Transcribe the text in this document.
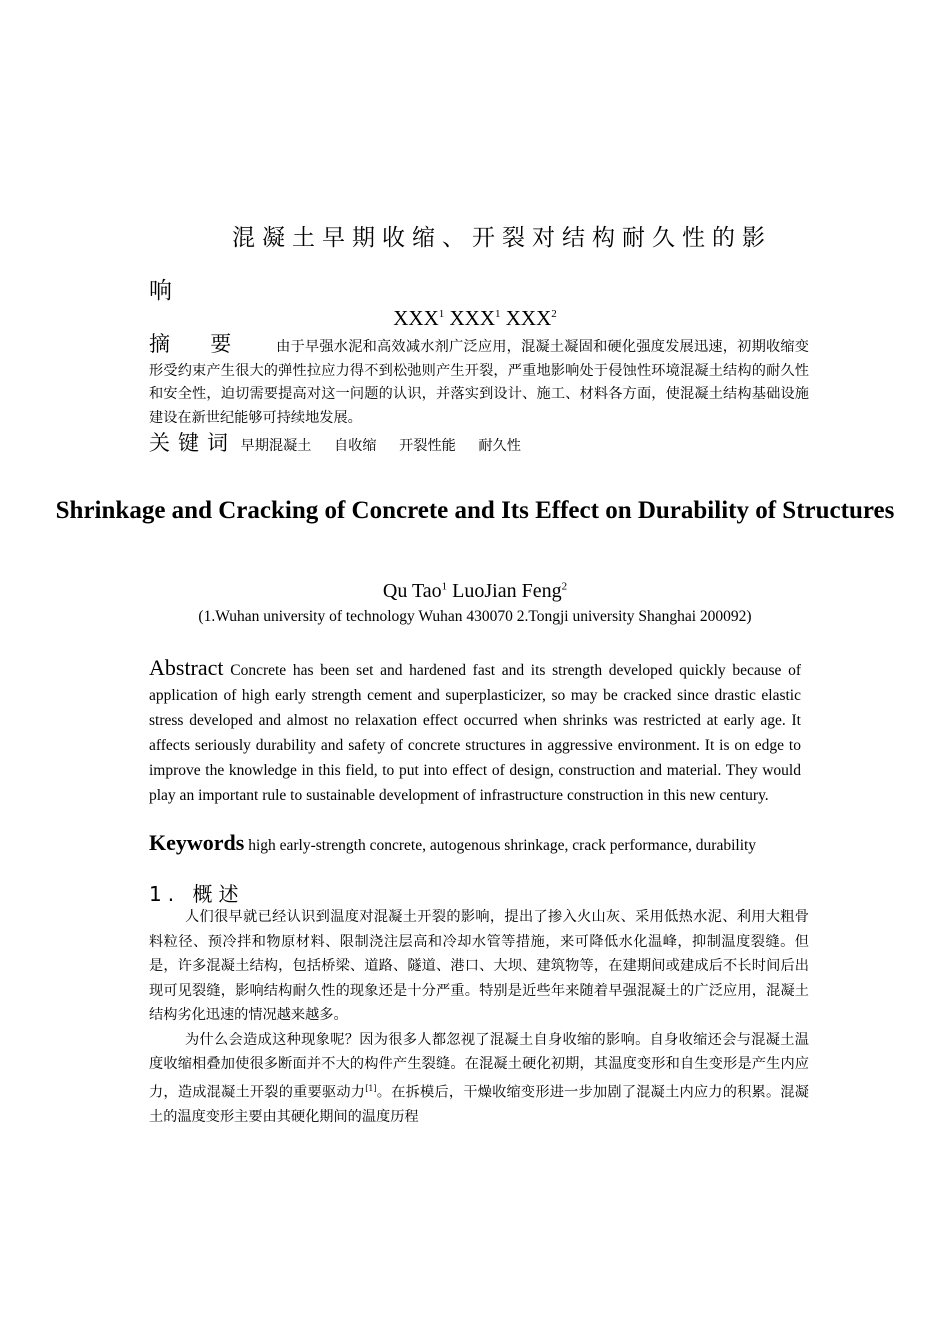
混凝土早期收缩、开裂对结构耐久性的影响
XXX$^1$ XXX$^1$ XXX$^2$
摘要 由于早强水泥和高效减水剂广泛应用，混凝土凝固和硬化强度发展迅速，初期收缩变形受约束产生很大的弹性拉应力得不到松弛则产生开裂，严重地影响处于侵蚀性环境混凝土结构的耐久性和安全性，迫切需要提高对这一问题的认识，并落实到设计、施工、材料各方面，使混凝土结构基础设施建设在新世纪能够可持续地发展。
关键词 早期混凝土 自收缩 开裂性能 耐久性
Shrinkage and Cracking of Concrete and Its Effect on Durability of Structures
Qu Tao$^1$ LuoJian Feng$^2$
(1.Wuhan university of technology Wuhan 430070 2.Tongji university Shanghai 200092)
Abstract Concrete has been set and hardened fast and its strength developed quickly because of application of high early strength cement and superplasticizer, so may be cracked since drastic elastic stress developed and almost no relaxation effect occurred when shrinks was restricted at early age. It affects seriously durability and safety of concrete structures in aggressive environment. It is on edge to improve the knowledge in this field, to put into effect of design, construction and material. They would play an important rule to sustainable development of infrastructure construction in this new century.
Keywords high early-strength concrete, autogenous shrinkage, crack performance, durability
1. 概述

人们很早就已经认识到温度对混凝土开裂的影响，提出了掺入火山灰、采用低热水泥、利用大粗骨料粒径、预冷拌和物原材料、限制浇注层高和冷却水管等措施，来可降低水化温峰，抑制温度裂缝。但是，许多混凝土结构，包括桥梁、道路、隧道、港口、大坝、建筑物等，在建期间或建成后不长时间后出现可见裂缝，影响结构耐久性的现象还是十分严重。特别是近些年来随着早强混凝土的广泛应用，混凝土结构劣化迅速的情况越来越多。

为什么会造成这种现象呢？因为很多人都忽视了混凝土自身收缩的影响。自身收缩还会与混凝土温度收缩相叠加使很多断面并不大的构件产生裂缝。在混凝土硬化初期，其温度变形和自生变形是产生内应力，造成混凝土开裂的重要驱动力[1]。在拆模后，干燥收缩变形进一步加剧了混凝土内应力的积累。混凝土的温度变形主要由其硬化期间的温度历程
